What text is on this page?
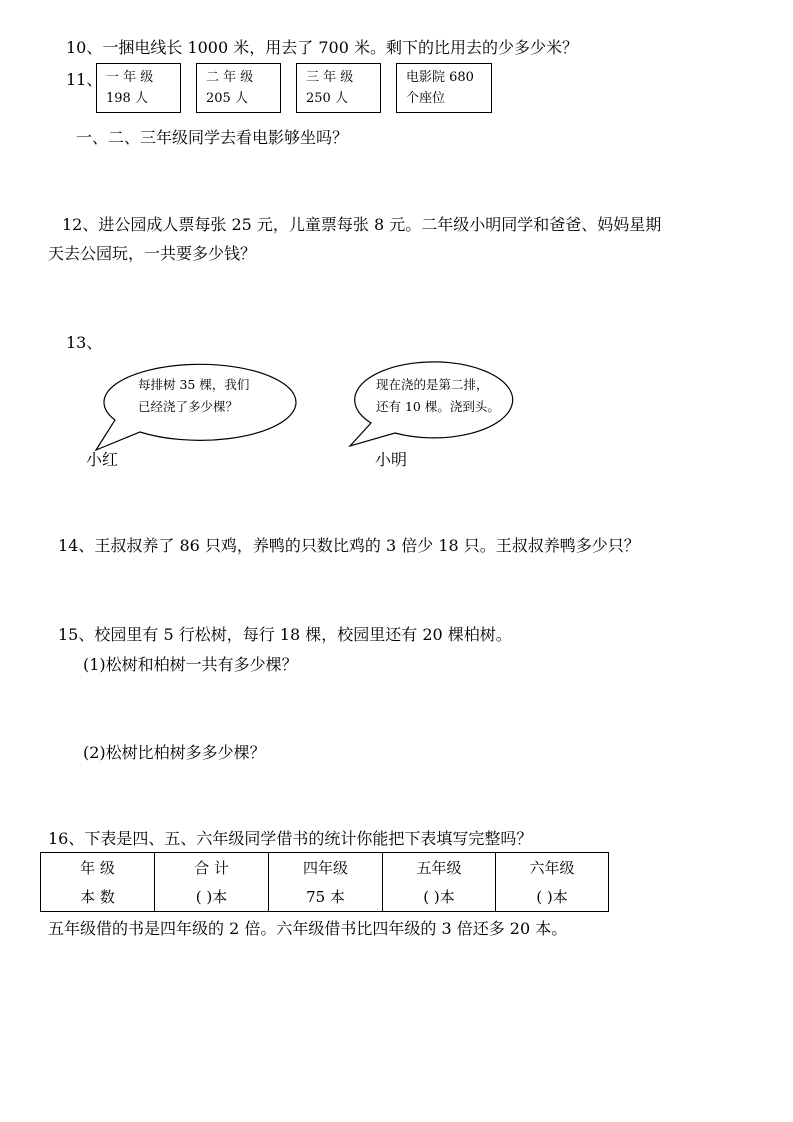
10、一捆电线长 1000 米，用去了 700 米。剩下的比用去的少多少米？
11、 一 年 级
198 人
二 年 级
205 人
三 年 级
250 人
电影院 680
个座位
一、二、三年级同学去看电影够坐吗？
12、进公园成人票每张 25 元，儿童票每张 8 元。二年级小明同学和爸爸、妈妈星期
天去公园玩，一共要多少钱？
13、
每排树 35 棵，我们
已经浇了多少棵？
现在浇的是第二排，
还有 10 棵。浇到头。
小红	小明
14、王叔叔养了 86 只鸡，养鸭的只数比鸡的 3 倍少 18 只。王叔叔养鸭多少只？
15、校园里有 5 行松树，每行 18 棵，校园里还有 20 棵柏树。
(1)松树和柏树一共有多少棵？
(2)松树比柏树多多少棵？
16、下表是四、五、六年级同学借书的统计你能把下表填写完整吗？
年 级	合 计	四年级	五年级	六年级
本 数	( )本	75 本	( )本	( )本
五年级借的书是四年级的 2 倍。六年级借书比四年级的 3 倍还多 20 本。
